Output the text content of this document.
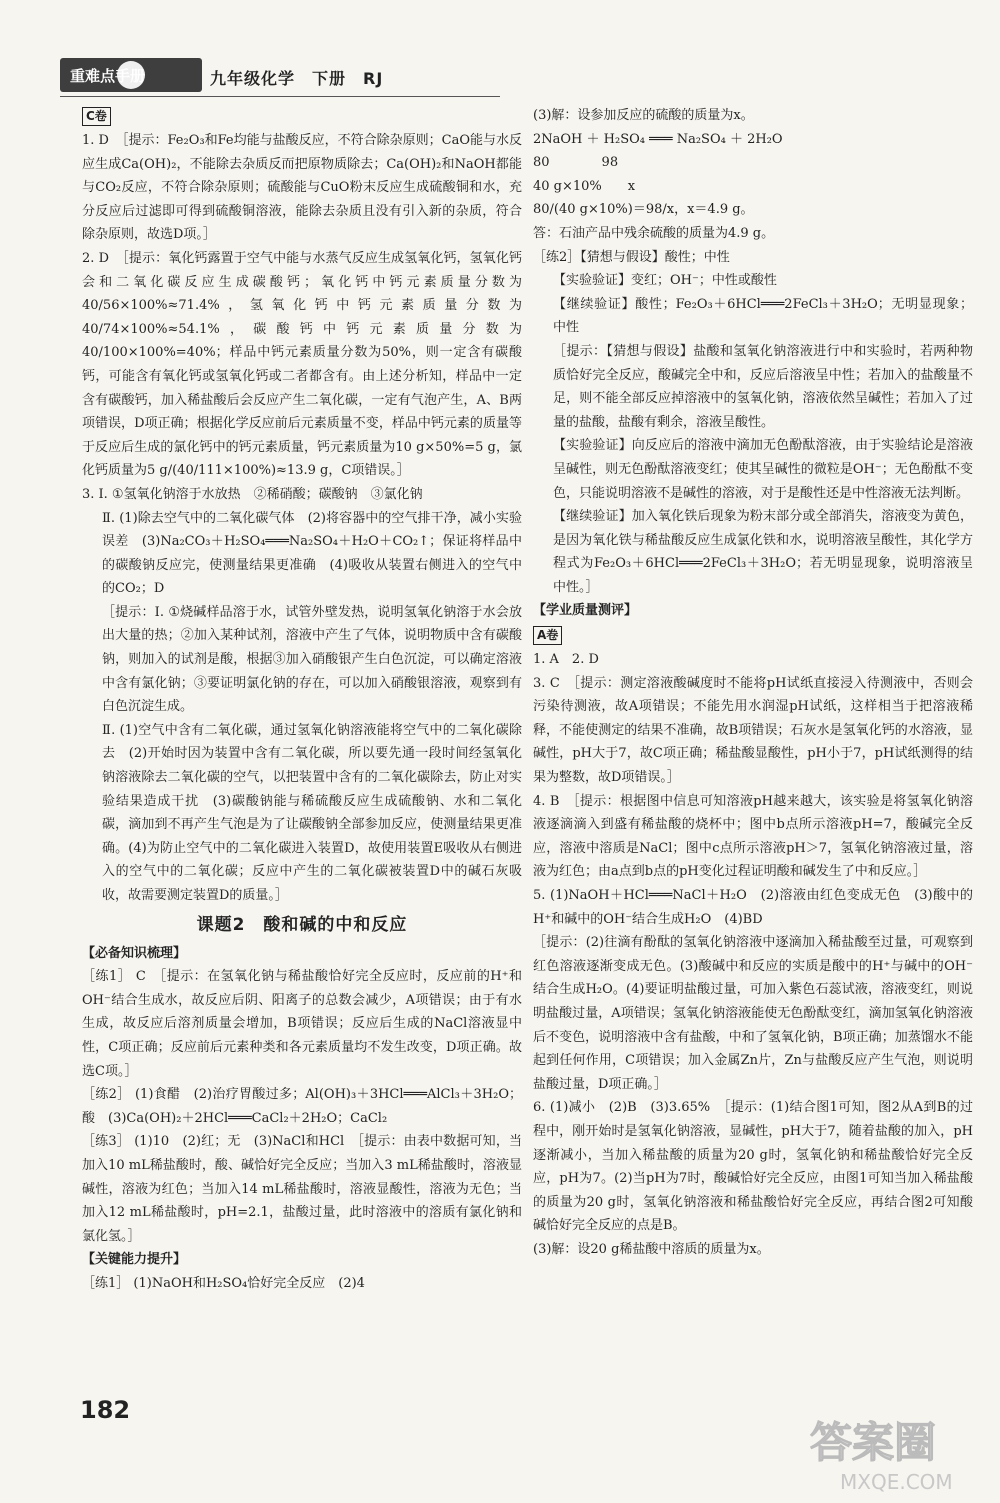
重难点手册	九年级化学　下册　RJ

C卷

1. D　［提示：Fe₂O₃和Fe均能与盐酸反应，不符合除杂原则；CaO能与水反应生成Ca(OH)₂，不能除去杂质反而把原物质除去；Ca(OH)₂和NaOH都能与CO₂反应，不符合除杂原则；硫酸能与CuO粉末反应生成硫酸铜和水，充分反应后过滤即可得到硫酸铜溶液，能除去杂质且没有引入新的杂质，符合除杂原则，故选D项。］

2. D　［提示：氧化钙露置于空气中能与水蒸气反应生成氢氧化钙，氢氧化钙会和二氧化碳反应生成碳酸钙；氧化钙中钙元素质量分数为40/56×100%≈71.4%，氢氧化钙中钙元素质量分数为40/74×100%≈54.1%，碳酸钙中钙元素质量分数为40/100×100%=40%；样品中钙元素质量分数为50%，则一定含有碳酸钙，可能含有氧化钙或氢氧化钙或二者都含有。由上述分析知，样品中一定含有碳酸钙，加入稀盐酸后会反应产生二氧化碳，一定有气泡产生，A、B两项错误，D项正确；根据化学反应前后元素质量不变，样品中钙元素的质量等于反应后生成的氯化钙中的钙元素质量，钙元素质量为10 g×50%=5 g，氯化钙质量为5 g/(40/111×100%)≈13.9 g，C项错误。］

3. Ⅰ. ①氢氧化钠溶于水放热　②稀硝酸；碳酸钠　③氯化钠

Ⅱ. (1)除去空气中的二氧化碳气体　(2)将容器中的空气排干净，减小实验误差　(3)Na₂CO₃＋H₂SO₄═══Na₂SO₄＋H₂O＋CO₂↑；保证将样品中的碳酸钠反应完，使测量结果更准确　(4)吸收从装置右侧进入的空气中的CO₂；D

［提示：Ⅰ. ①烧碱样品溶于水，试管外壁发热，说明氢氧化钠溶于水会放出大量的热；②加入某种试剂，溶液中产生了气体，说明物质中含有碳酸钠，则加入的试剂是酸，根据③加入硝酸银产生白色沉淀，可以确定溶液中含有氯化钠；③要证明氯化钠的存在，可以加入硝酸银溶液，观察到有白色沉淀生成。

Ⅱ. (1)空气中含有二氧化碳，通过氢氧化钠溶液能将空气中的二氧化碳除去　(2)开始时因为装置中含有二氧化碳，所以要先通一段时间经氢氧化钠溶液除去二氧化碳的空气，以把装置中含有的二氧化碳除去，防止对实验结果造成干扰　(3)碳酸钠能与稀硫酸反应生成硫酸钠、水和二氧化碳，滴加到不再产生气泡是为了让碳酸钠全部参加反应，使测量结果更准确。(4)为防止空气中的二氧化碳进入装置D，故使用装置E吸收从右侧进入的空气中的二氧化碳；反应中产生的二氧化碳被装置D中的碱石灰吸收，故需要测定装置D的质量。］

课题2　酸和碱的中和反应

【必备知识梳理】

［练1］ C　［提示：在氢氧化钠与稀盐酸恰好完全反应时，反应前的H⁺和OH⁻结合生成水，故反应后阴、阳离子的总数会减少，A项错误；由于有水生成，故反应后溶剂质量会增加，B项错误；反应后生成的NaCl溶液显中性，C项正确；反应前后元素种类和各元素质量均不发生改变，D项正确。故选C项。］

［练2］ (1)食醋　(2)治疗胃酸过多；Al(OH)₃＋3HCl═══AlCl₃＋3H₂O；酸　(3)Ca(OH)₂＋2HCl═══CaCl₂＋2H₂O；CaCl₂

［练3］ (1)10　(2)红；无　(3)NaCl和HCl　［提示：由表中数据可知，当加入10 mL稀盐酸时，酸、碱恰好完全反应；当加入3 mL稀盐酸时，溶液显碱性，溶液为红色；当加入14 mL稀盐酸时，溶液显酸性，溶液为无色；当加入12 mL稀盐酸时，pH=2.1，盐酸过量，此时溶液中的溶质有氯化钠和氯化氢。］

【关键能力提升】

［练1］ (1)NaOH和H₂SO₄恰好完全反应　(2)4

(3)解：设参加反应的硫酸的质量为x。

2NaOH ＋ H₂SO₄ ═══ Na₂SO₄ ＋ 2H₂O

80　　　　98

40 g×10%　　x

80/(40 g×10%)＝98/x，x＝4.9 g。

答：石油产品中残余硫酸的质量为4.9 g。

［练2］【猜想与假设】酸性；中性

【实验验证】变红；OH⁻；中性或酸性

【继续验证】酸性；Fe₂O₃＋6HCl═══2FeCl₃＋3H₂O；无明显现象；中性

［提示：【猜想与假设】盐酸和氢氧化钠溶液进行中和实验时，若两种物质恰好完全反应，酸碱完全中和，反应后溶液呈中性；若加入的盐酸量不足，则不能全部反应掉溶液中的氢氧化钠，溶液依然呈碱性；若加入了过量的盐酸，盐酸有剩余，溶液呈酸性。

【实验验证】向反应后的溶液中滴加无色酚酞溶液，由于实验结论是溶液呈碱性，则无色酚酞溶液变红；使其呈碱性的微粒是OH⁻；无色酚酞不变色，只能说明溶液不是碱性的溶液，对于是酸性还是中性溶液无法判断。

【继续验证】加入氧化铁后现象为粉末部分或全部消失，溶液变为黄色，是因为氧化铁与稀盐酸反应生成氯化铁和水，说明溶液呈酸性，其化学方程式为Fe₂O₃＋6HCl═══2FeCl₃＋3H₂O；若无明显现象，说明溶液呈中性。］

【学业质量测评】

A卷

1. A　2. D

3. C　［提示：测定溶液酸碱度时不能将pH试纸直接浸入待测液中，否则会污染待测液，故A项错误；不能先用水润湿pH试纸，这样相当于把溶液稀释，不能使测定的结果不准确，故B项错误；石灰水是氢氧化钙的水溶液，显碱性，pH大于7，故C项正确；稀盐酸显酸性，pH小于7，pH试纸测得的结果为整数，故D项错误。］

4. B　［提示：根据图中信息可知溶液pH越来越大，该实验是将氢氧化钠溶液逐滴滴入到盛有稀盐酸的烧杯中；图中b点所示溶液pH=7，酸碱完全反应，溶液中溶质是NaCl；图中c点所示溶液pH＞7，氢氧化钠溶液过量，溶液为红色；由a点到b点的pH变化过程证明酸和碱发生了中和反应。］

5. (1)NaOH＋HCl═══NaCl＋H₂O　(2)溶液由红色变成无色　(3)酸中的H⁺和碱中的OH⁻结合生成H₂O　(4)BD

［提示：(2)往滴有酚酞的氢氧化钠溶液中逐滴加入稀盐酸至过量，可观察到红色溶液逐渐变成无色。(3)酸碱中和反应的实质是酸中的H⁺与碱中的OH⁻结合生成H₂O。(4)要证明盐酸过量，可加入紫色石蕊试液，溶液变红，则说明盐酸过量，A项错误；氢氧化钠溶液能使无色酚酞变红，滴加氢氧化钠溶液后不变色，说明溶液中含有盐酸，中和了氢氧化钠，B项正确；加蒸馏水不能起到任何作用，C项错误；加入金属Zn片，Zn与盐酸反应产生气泡，则说明盐酸过量，D项正确。］

6. (1)减小　(2)B　(3)3.65%　［提示：(1)结合图1可知，图2从A到B的过程中，刚开始时是氢氧化钠溶液，显碱性，pH大于7，随着盐酸的加入，pH逐渐减小，当加入稀盐酸的质量为20 g时，氢氧化钠和稀盐酸恰好完全反应，pH为7。(2)当pH为7时，酸碱恰好完全反应，由图1可知当加入稀盐酸的质量为20 g时，氢氧化钠溶液和稀盐酸恰好完全反应，再结合图2可知酸碱恰好完全反应的点是B。

(3)解：设20 g稀盐酸中溶质的质量为x。

182
答案圈
MXQE.COM
